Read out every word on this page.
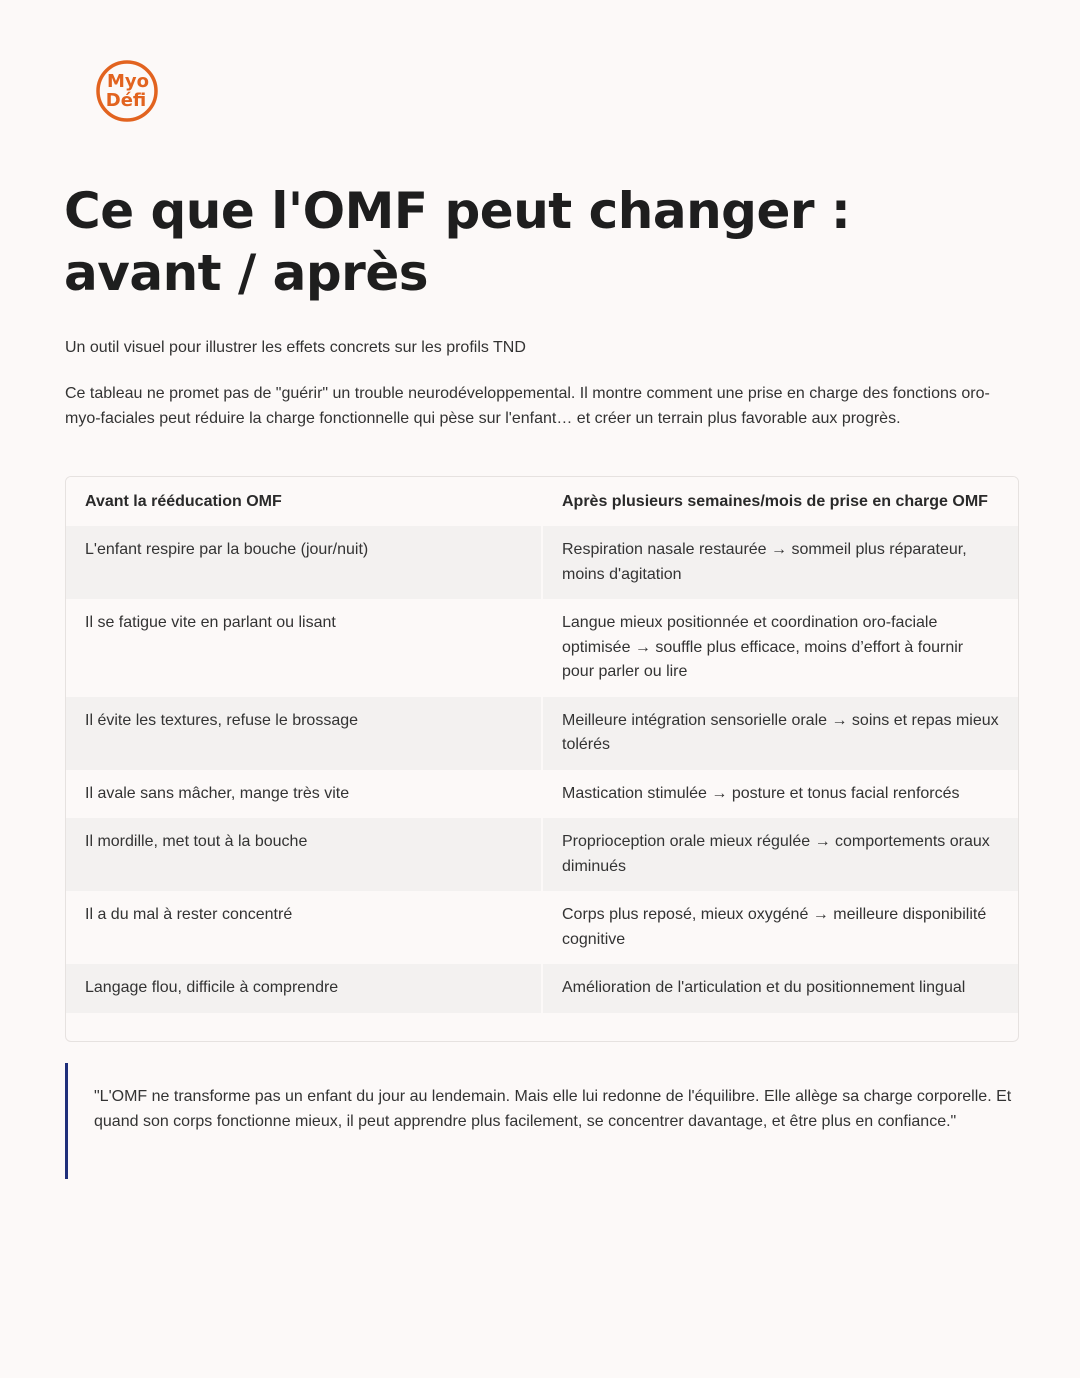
Myo
Défi
Ce que l'OMF peut changer : avant / après

Un outil visuel pour illustrer les effets concrets sur les profils TND

Ce tableau ne promet pas de "guérir" un trouble neurodéveloppemental. Il montre comment une prise en charge des fonctions oro-myo-faciales peut réduire la charge fonctionnelle qui pèse sur l'enfant… et créer un terrain plus favorable aux progrès.

Avant la rééducation OMF	Après plusieurs semaines/mois de prise en charge OMF
L'enfant respire par la bouche (jour/nuit)	Respiration nasale restaurée → sommeil plus réparateur, moins d'agitation
Il se fatigue vite en parlant ou lisant	Langue mieux positionnée et coordination oro-faciale optimisée → souffle plus efficace, moins d’effort à fournir pour parler ou lire
Il évite les textures, refuse le brossage	Meilleure intégration sensorielle orale → soins et repas mieux tolérés
Il avale sans mâcher, mange très vite	Mastication stimulée → posture et tonus facial renforcés
Il mordille, met tout à la bouche	Proprioception orale mieux régulée → comportements oraux diminués
Il a du mal à rester concentré	Corps plus reposé, mieux oxygéné → meilleure disponibilité cognitive
Langage flou, difficile à comprendre	Amélioration de l'articulation et du positionnement lingual

"L'OMF ne transforme pas un enfant du jour au lendemain. Mais elle lui redonne de l'équilibre. Elle allège sa charge corporelle. Et quand son corps fonctionne mieux, il peut apprendre plus facilement, se concentrer davantage, et être plus en confiance."
